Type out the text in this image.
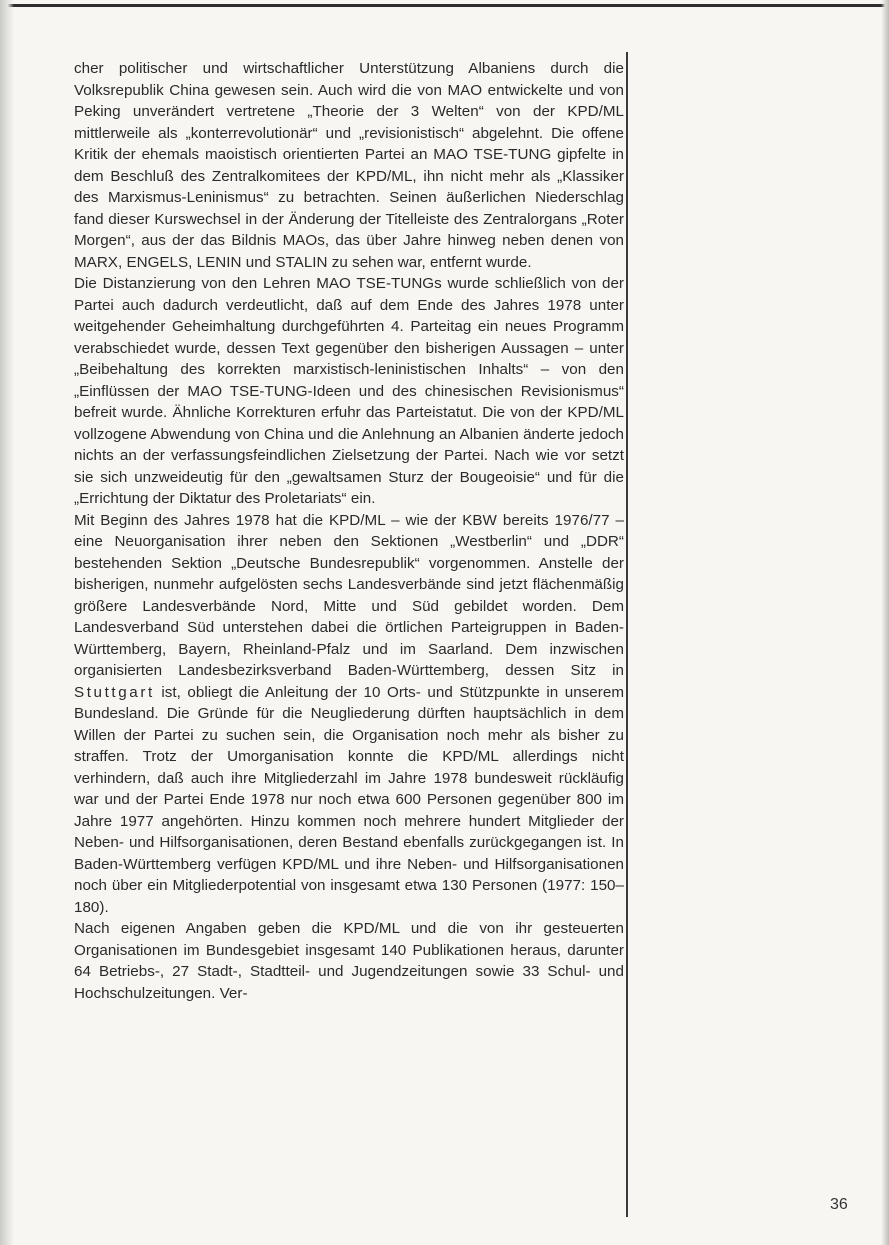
cher politischer und wirtschaftlicher Unterstützung Albaniens durch die Volksrepublik China gewesen sein. Auch wird die von MAO entwickelte und von Peking unverändert vertretene „Theorie der 3 Welten“ von der KPD/ML mittlerweile als „konterrevolutionär“ und „revisionistisch“ abgelehnt. Die offene Kritik der ehemals maoistisch orientierten Partei an MAO TSE-TUNG gipfelte in dem Beschluß des Zentralkomitees der KPD/ML, ihn nicht mehr als „Klassiker des Marxismus-Leninismus“ zu betrachten. Seinen äußerlichen Niederschlag fand dieser Kurswechsel in der Änderung der Titelleiste des Zentralorgans „Roter Morgen“, aus der das Bildnis MAOs, das über Jahre hinweg neben denen von MARX, ENGELS, LENIN und STALIN zu sehen war, entfernt wurde.

Die Distanzierung von den Lehren MAO TSE-TUNGs wurde schließlich von der Partei auch dadurch verdeutlicht, daß auf dem Ende des Jahres 1978 unter weitgehender Geheimhaltung durchgeführten 4. Parteitag ein neues Programm verabschiedet wurde, dessen Text gegenüber den bisherigen Aussagen – unter „Beibehaltung des korrekten marxistisch-leninistischen Inhalts“ – von den „Einflüssen der MAO TSE-TUNG-Ideen und des chinesischen Revisionismus“ befreit wurde. Ähnliche Korrekturen erfuhr das Parteistatut. Die von der KPD/ML vollzogene Abwendung von China und die Anlehnung an Albanien änderte jedoch nichts an der verfassungsfeindlichen Zielsetzung der Partei. Nach wie vor setzt sie sich unzweideutig für den „gewaltsamen Sturz der Bougeoisie“ und für die „Errichtung der Diktatur des Proletariats“ ein.

Mit Beginn des Jahres 1978 hat die KPD/ML – wie der KBW bereits 1976/77 – eine Neuorganisation ihrer neben den Sektionen „Westberlin“ und „DDR“ bestehenden Sektion „Deutsche Bundesrepublik“ vorgenommen. Anstelle der bisherigen, nunmehr aufgelösten sechs Landesverbände sind jetzt flächenmäßig größere Landesverbände Nord, Mitte und Süd gebildet worden. Dem Landesverband Süd unterstehen dabei die örtlichen Parteigruppen in Baden-Württemberg, Bayern, Rheinland-Pfalz und im Saarland. Dem inzwischen organisierten Landesbezirksverband Baden-Württemberg, dessen Sitz in Stuttgart ist, obliegt die Anleitung der 10 Orts- und Stützpunkte in unserem Bundesland. Die Gründe für die Neugliederung dürften hauptsächlich in dem Willen der Partei zu suchen sein, die Organisation noch mehr als bisher zu straffen. Trotz der Umorganisation konnte die KPD/ML allerdings nicht verhindern, daß auch ihre Mitgliederzahl im Jahre 1978 bundesweit rückläufig war und der Partei Ende 1978 nur noch etwa 600 Personen gegenüber 800 im Jahre 1977 angehörten. Hinzu kommen noch mehrere hundert Mitglieder der Neben- und Hilfsorganisationen, deren Bestand ebenfalls zurückgegangen ist. In Baden-Württemberg verfügen KPD/ML und ihre Neben- und Hilfsorganisationen noch über ein Mitgliederpotential von insgesamt etwa 130 Personen (1977: 150–180).

Nach eigenen Angaben geben die KPD/ML und die von ihr gesteuerten Organisationen im Bundesgebiet insgesamt 140 Publikationen heraus, darunter 64 Betriebs-, 27 Stadt-, Stadtteil- und Jugendzeitungen sowie 33 Schul- und Hochschulzeitungen. Ver-

36
